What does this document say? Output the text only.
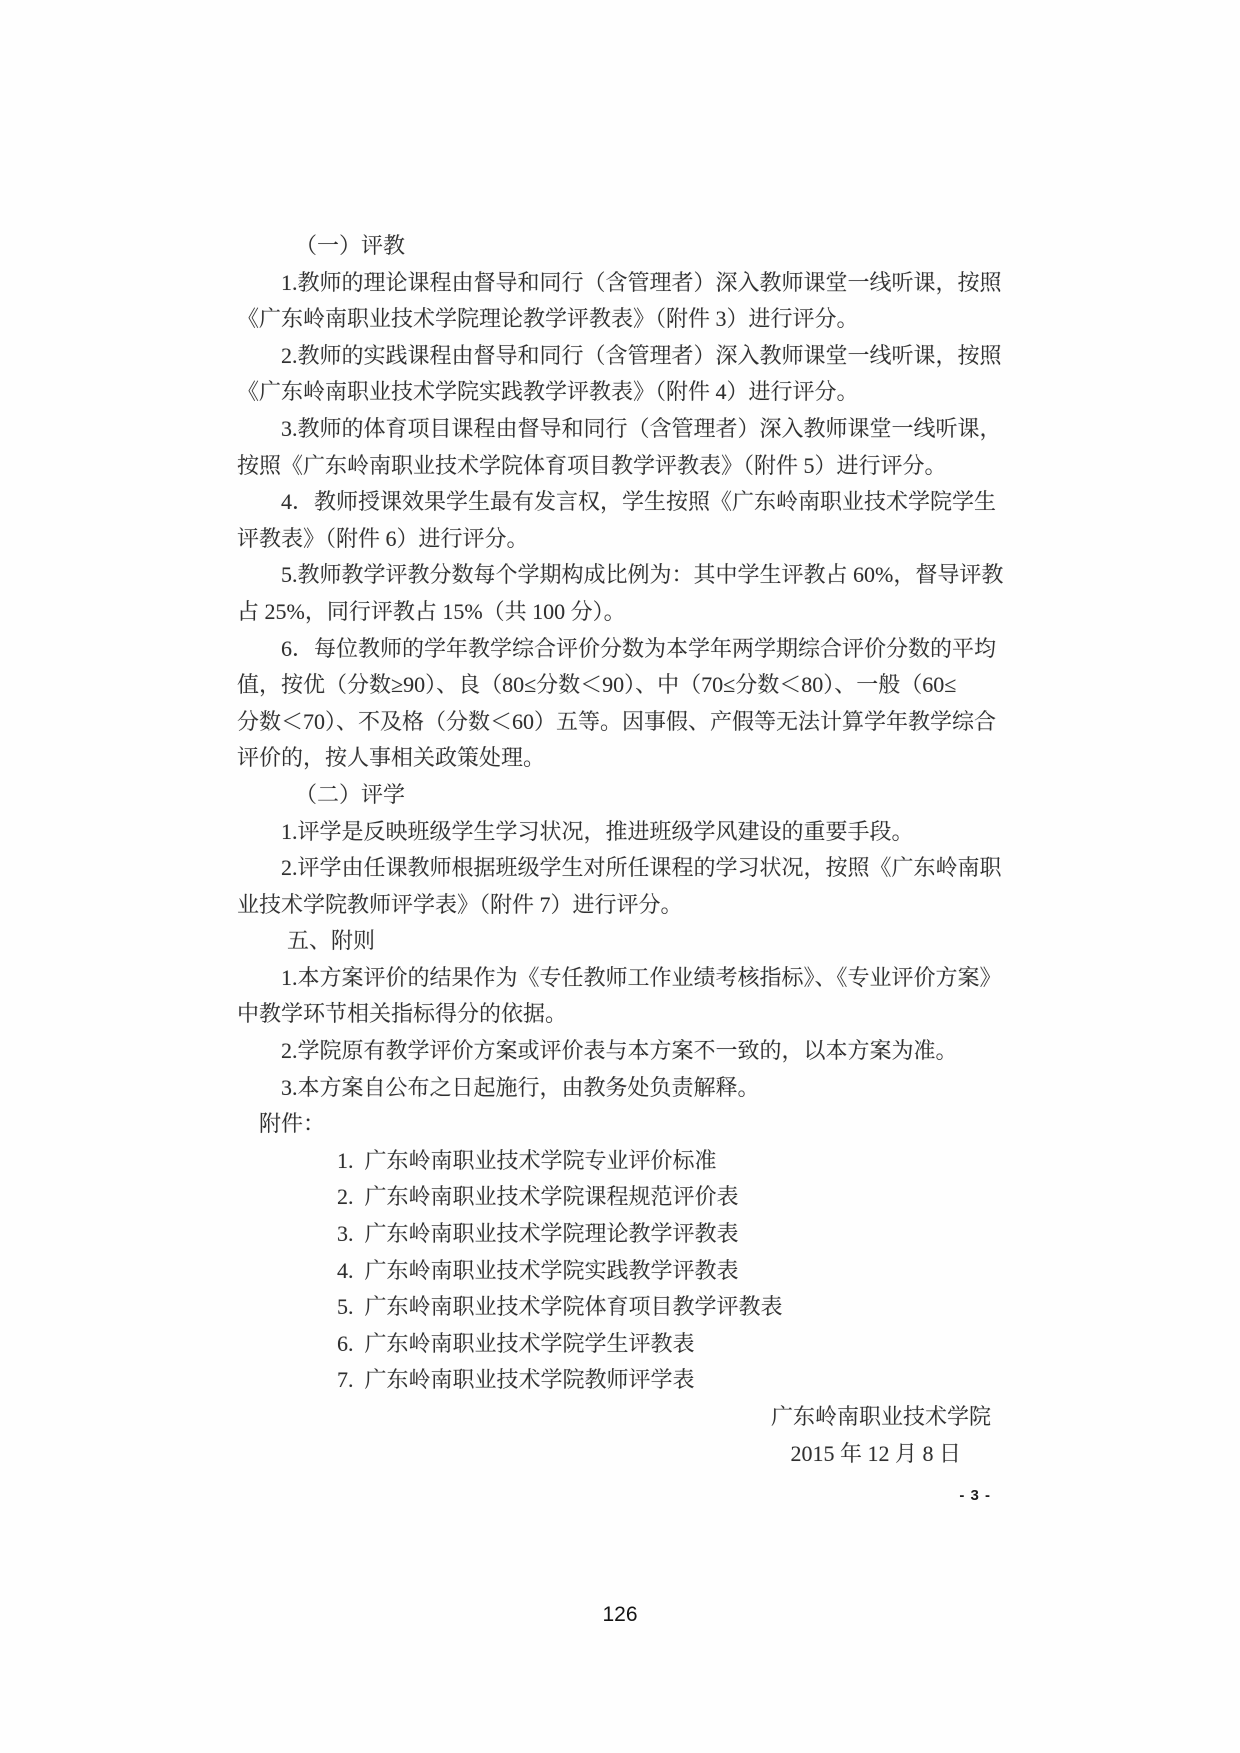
（一）评教
1.教师的理论课程由督导和同行（含管理者）深入教师课堂一线听课，按照
《广东岭南职业技术学院理论教学评教表》（附件 3）进行评分。
2.教师的实践课程由督导和同行（含管理者）深入教师课堂一线听课，按照
《广东岭南职业技术学院实践教学评教表》（附件 4）进行评分。
3.教师的体育项目课程由督导和同行（含管理者）深入教师课堂一线听课，
按照《广东岭南职业技术学院体育项目教学评教表》（附件 5）进行评分。
4．教师授课效果学生最有发言权，学生按照《广东岭南职业技术学院学生
评教表》（附件 6）进行评分。
5.教师教学评教分数每个学期构成比例为：其中学生评教占 60%，督导评教
占 25%，同行评教占 15%（共 100 分）。
6．每位教师的学年教学综合评价分数为本学年两学期综合评价分数的平均
值，按优（分数≥90）、良（80≤分数＜90）、中（70≤分数＜80）、一般（60≤
分数＜70）、不及格（分数＜60）五等。因事假、产假等无法计算学年教学综合
评价的，按人事相关政策处理。
（二）评学
1.评学是反映班级学生学习状况，推进班级学风建设的重要手段。
2.评学由任课教师根据班级学生对所任课程的学习状况，按照《广东岭南职
业技术学院教师评学表》（附件 7）进行评分。
五、附则
1.本方案评价的结果作为《专任教师工作业绩考核指标》、《专业评价方案》
中教学环节相关指标得分的依据。
2.学院原有教学评价方案或评价表与本方案不一致的，以本方案为准。
3.本方案自公布之日起施行，由教务处负责解释。
附件：
1.  广东岭南职业技术学院专业评价标准
2.  广东岭南职业技术学院课程规范评价表
3.  广东岭南职业技术学院理论教学评教表
4.  广东岭南职业技术学院实践教学评教表
5.  广东岭南职业技术学院体育项目教学评教表
6.  广东岭南职业技术学院学生评教表
7.  广东岭南职业技术学院教师评学表
广东岭南职业技术学院
2015 年 12 月 8 日
- 3 -
126
